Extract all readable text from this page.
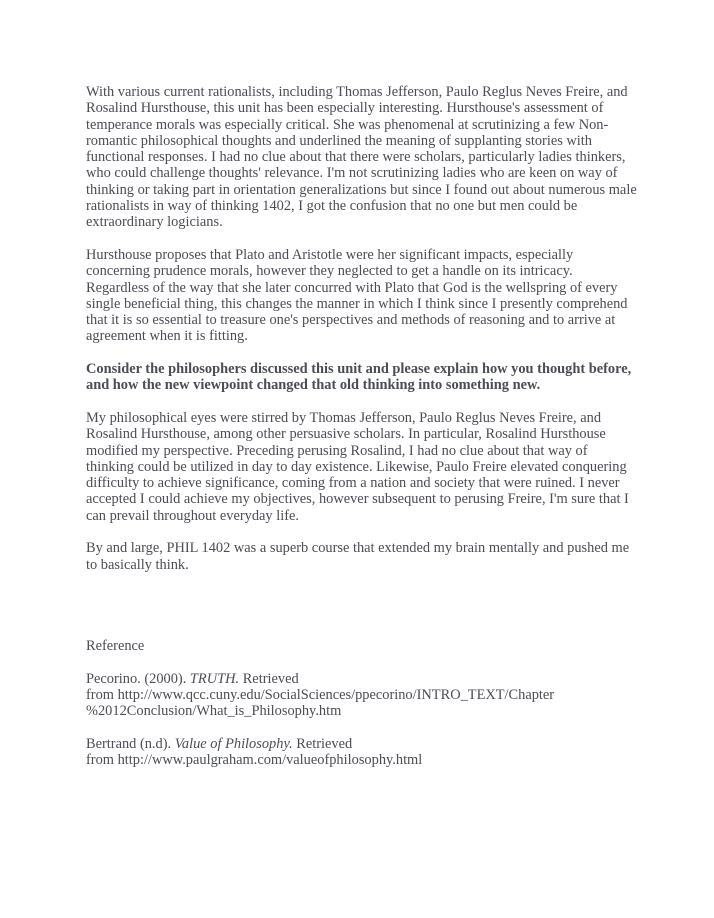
With various current rationalists, including Thomas Jefferson, Paulo Reglus Neves Freire, and Rosalind Hursthouse, this unit has been especially interesting. Hursthouse's assessment of temperance morals was especially critical. She was phenomenal at scrutinizing a few Non-romantic philosophical thoughts and underlined the meaning of supplanting stories with functional responses. I had no clue about that there were scholars, particularly ladies thinkers, who could challenge thoughts' relevance. I'm not scrutinizing ladies who are keen on way of thinking or taking part in orientation generalizations but since I found out about numerous male rationalists in way of thinking 1402, I got the confusion that no one but men could be extraordinary logicians.

Hursthouse proposes that Plato and Aristotle were her significant impacts, especially concerning prudence morals, however they neglected to get a handle on its intricacy. Regardless of the way that she later concurred with Plato that God is the wellspring of every single beneficial thing, this changes the manner in which I think since I presently comprehend that it is so essential to treasure one's perspectives and methods of reasoning and to arrive at agreement when it is fitting.

Consider the philosophers discussed this unit and please explain how you thought before, and how the new viewpoint changed that old thinking into something new.

My philosophical eyes were stirred by Thomas Jefferson, Paulo Reglus Neves Freire, and Rosalind Hursthouse, among other persuasive scholars. In particular, Rosalind Hursthouse modified my perspective. Preceding perusing Rosalind, I had no clue about that way of thinking could be utilized in day to day existence. Likewise, Paulo Freire elevated conquering difficulty to achieve significance, coming from a nation and society that were ruined. I never accepted I could achieve my objectives, however subsequent to perusing Freire, I'm sure that I can prevail throughout everyday life.

By and large, PHIL 1402 was a superb course that extended my brain mentally and pushed me to basically think.

Reference

Pecorino. (2000). TRUTH. Retrieved
from http://www.qcc.cuny.edu/SocialSciences/ppecorino/INTRO_TEXT/Chapter
%2012Conclusion/What_is_Philosophy.htm

Bertrand (n.d). Value of Philosophy. Retrieved
from http://www.paulgraham.com/valueofphilosophy.html
